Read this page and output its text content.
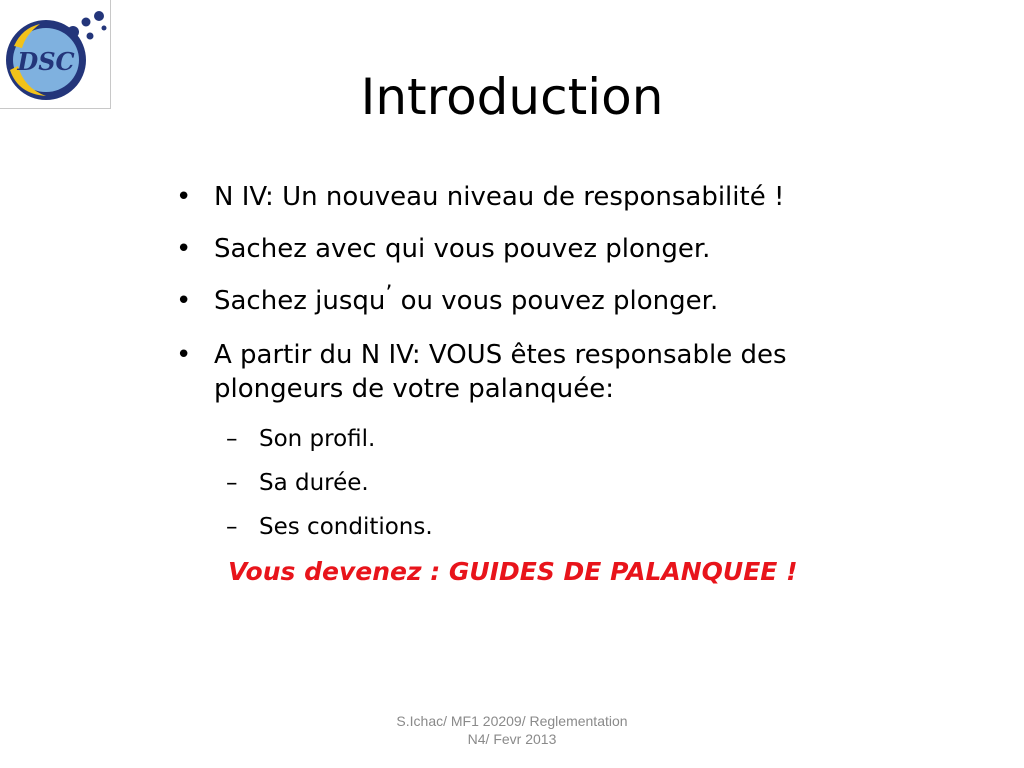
DSC
Introduction
• N IV: Un nouveau niveau de responsabilité !
• Sachez avec qui vous pouvez plonger.
• Sachez jusqu’ ou vous pouvez plonger.
• A partir du N IV: VOUS êtes responsable des plongeurs de votre palanquée:
– Son profil.
– Sa durée.
– Ses conditions.
Vous devenez : GUIDES DE PALANQUEE !
S.Ichac/ MF1 20209/ Reglementation
N4/ Fevr 2013
